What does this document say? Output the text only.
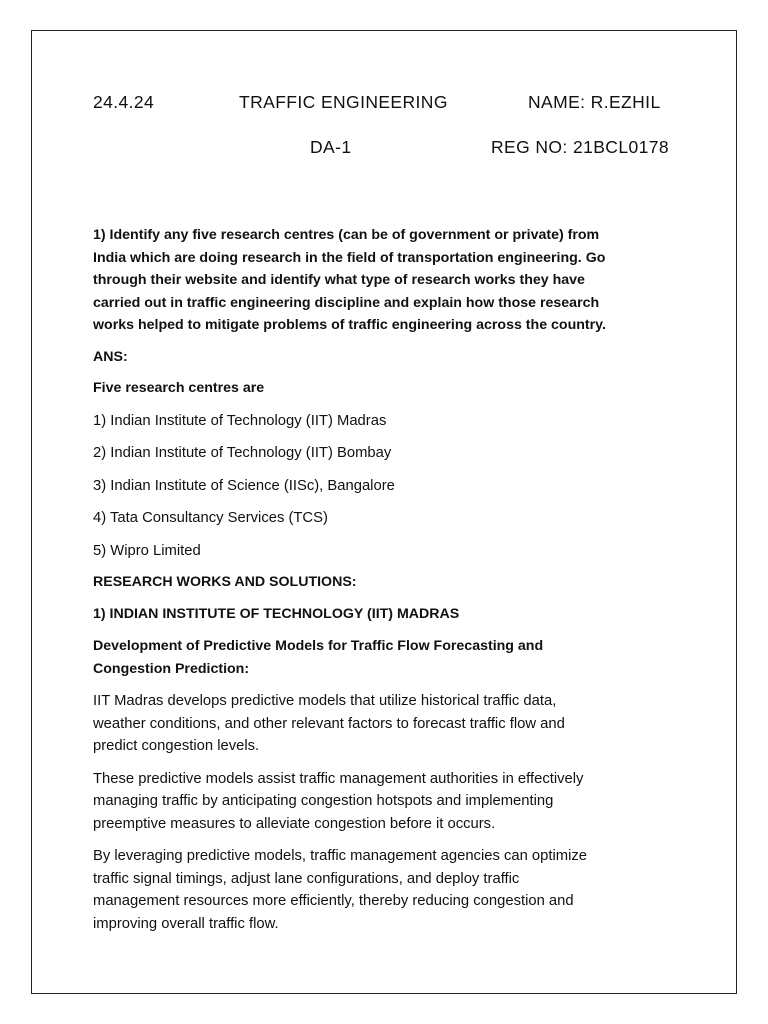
24.4.24	TRAFFIC ENGINEERING	NAME: R.EZHIL
DA-1	REG NO: 21BCL0178

1) Identify any five research centres (can be of government or private) from

India which are doing research in the field of transportation engineering. Go

through their website and identify what type of research works they have

carried out in traffic engineering discipline and explain how those research

works helped to mitigate problems of traffic engineering across the country.

ANS:

Five research centres are

1) Indian Institute of Technology (IIT) Madras

2) Indian Institute of Technology (IIT) Bombay

3) Indian Institute of Science (IISc), Bangalore

4) Tata Consultancy Services (TCS)

5) Wipro Limited

RESEARCH WORKS AND SOLUTIONS:

1) INDIAN INSTITUTE OF TECHNOLOGY (IIT) MADRAS

Development of Predictive Models for Traffic Flow Forecasting and

Congestion Prediction:

IIT Madras develops predictive models that utilize historical traffic data,

weather conditions, and other relevant factors to forecast traffic flow and

predict congestion levels.

These predictive models assist traffic management authorities in effectively

managing traffic by anticipating congestion hotspots and implementing

preemptive measures to alleviate congestion before it occurs.

By leveraging predictive models, traffic management agencies can optimize

traffic signal timings, adjust lane configurations, and deploy traffic

management resources more efficiently, thereby reducing congestion and

improving overall traffic flow.
